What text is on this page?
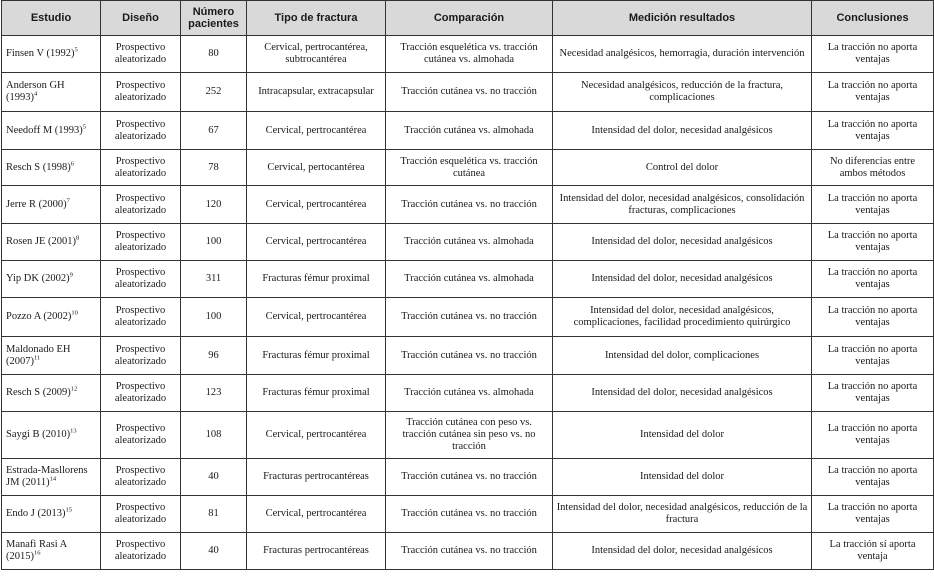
Estudio	Diseño	Número pacientes	Tipo de fractura	Comparación	Medición resultados	Conclusiones
Finsen V $(1992)^5$	Prospectivo aleatorizado	80	Cervical, pertrocantérea, subtrocantérea	Tracción esquelética vs. tracción cutánea vs. almohada	Necesidad analgésicos, hemorragia, duración intervención	La tracción no aporta ventajas
Anderson GH $(1993)^4$	Prospectivo aleatorizado	252	Intracapsular, extracapsular	Tracción cutánea vs. no tracción	Necesidad analgésicos, reducción de la fractura, complicaciones	La tracción no aporta ventajas
Needoff M $(1993)^5$	Prospectivo aleatorizado	67	Cervical, pertrocantérea	Tracción cutánea vs. almohada	Intensidad del dolor, necesidad analgésicos	La tracción no aporta ventajas
Resch S $(1998)^6$	Prospectivo aleatorizado	78	Cervical, pertocantérea	Tracción esquelética vs. tracción cutánea	Control del dolor	No diferencias entre ambos métodos
Jerre R $(2000)^7$	Prospectivo aleatorizado	120	Cervical, pertrocantérea	Tracción cutánea vs. no tracción	Intensidad del dolor, necesidad analgésicos, consolidación fracturas, complicaciones	La tracción no aporta ventajas
Rosen JE $(2001)^8$	Prospectivo aleatorizado	100	Cervical, pertrocantérea	Tracción cutánea vs. almohada	Intensidad del dolor, necesidad analgésicos	La tracción no aporta ventajas
Yip DK $(2002)^9$	Prospectivo aleatorizado	311	Fracturas fémur proximal	Tracción cutánea vs. almohada	Intensidad del dolor, necesidad analgésicos	La tracción no aporta ventajas
Pozzo A $(2002)^{10}$	Prospectivo aleatorizado	100	Cervical, pertrocantérea	Tracción cutánea vs. no tracción	Intensidad del dolor, necesidad analgésicos, complicaciones, facilidad procedimiento quirúrgico	La tracción no aporta ventajas
Maldonado EH $(2007)^{11}$	Prospectivo aleatorizado	96	Fracturas fémur proximal	Tracción cutánea vs. no tracción	Intensidad del dolor, complicaciones	La tracción no aporta ventajas
Resch S $(2009)^{12}$	Prospectivo aleatorizado	123	Fracturas fémur proximal	Tracción cutánea vs. almohada	Intensidad del dolor, necesidad analgésicos	La tracción no aporta ventajas
Saygi B $(2010)^{13}$	Prospectivo aleatorizado	108	Cervical, pertrocantérea	Tracción cutánea con peso vs. tracción cutánea sin peso vs. no tracción	Intensidad del dolor	La tracción no aporta ventajas
Estrada-Masllorens JM $(2011)^{14}$	Prospectivo aleatorizado	40	Fracturas pertrocantéreas	Tracción cutánea vs. no tracción	Intensidad del dolor	La tracción no aporta ventajas
Endo J $(2013)^{15}$	Prospectivo aleatorizado	81	Cervical, pertrocantérea	Tracción cutánea vs. no tracción	Intensidad del dolor, necesidad analgésicos, reducción de la fractura	La tracción no aporta ventajas
Manafi Rasi A $(2015)^{16}$	Prospectivo aleatorizado	40	Fracturas pertrocantéreas	Tracción cutánea vs. no tracción	Intensidad del dolor, necesidad analgésicos	La tracción sí aporta ventaja
